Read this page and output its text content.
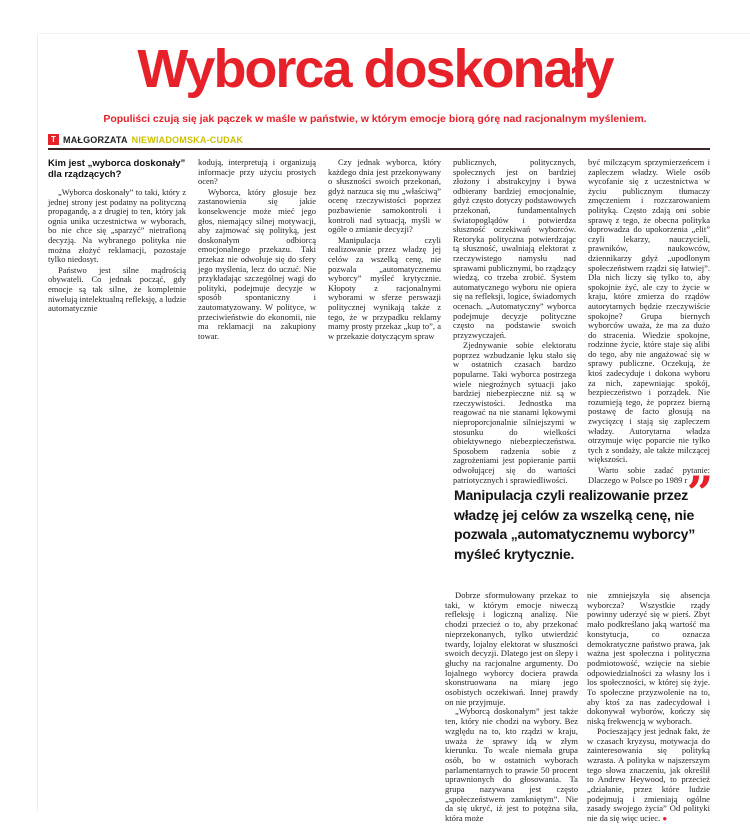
Wyborca doskonały

Populiści czują się jak pączek w maśle w państwie, w którym emocje biorą górę nad racjonalnym myśleniem.

T MAŁGORZATA NIEWIADOMSKA-CUDAK
Kim jest „wyborca doskonały” dla rządzących?

„Wyborca doskonały” to taki, który z jednej strony jest podatny na polityczną propagandę, a z drugiej to ten, który jak ognia unika uczestnictwa w wyborach, bo nie chce się „sparzyć” nietrafioną decyzją. Na wybranego polityka nie można złożyć reklamacji, pozostaje tylko niedosyt.

Państwo jest silne mądrością obywateli. Co jednak począć, gdy emocje są tak silne, że kompletnie niwelują intelektualną refleksję, a ludzie automatycznie

kodują, interpretują i organizują informacje przy użyciu prostych ocen?

Wyborca, który głosuje bez zastanowienia się jakie konsekwencje może mieć jego głos, niemający silnej motywacji, aby zajmować się polityką, jest doskonałym odbiorcą emocjonalnego przekazu. Taki przekaz nie odwołuje się do sfery jego myślenia, lecz do uczuć. Nie przykładając szczególnej wagi do polityki, podejmuje decyzje w sposób spontaniczny i zautomatyzowany. W polityce, w przeciwieństwie do ekonomii, nie ma reklamacji na zakupiony towar.

Czy jednak wyborca, który każdego dnia jest przekonywany o słuszności swoich przekonań, gdyż narzuca się mu „właściwą” ocenę rzeczywistości poprzez pozbawienie samokontroli i kontroli nad sytuacją, myśli w ogóle o zmianie decyzji?

Manipulacja czyli realizowanie przez władzę jej celów za wszelką cenę, nie pozwala „automatycznemu wyborcy” myśleć krytycznie. Kłopoty z racjonalnymi wyborami w sferze perswazji politycznej wynikają także z tego, że w przypadku reklamy mamy prosty przekaz „kup to”, a w przekazie dotyczącym spraw

publicznych, politycznych, społecznych jest on bardziej złożony i abstrakcyjny i bywa odbierany bardziej emocjonalnie, gdyż często dotyczy podstawowych przekonań, fundamentalnych światopoglądów i potwierdza słuszność oczekiwań wyborców. Retoryka polityczna potwierdzając tą słuszność, uwalniają elektorat z rzeczywistego namysłu nad sprawami publicznymi, bo rządzący wiedzą, co trzeba zrobić. System automatycznego wyboru nie opiera się na refleksji, logice, świadomych ocenach. „Automatyczny” wyborca podejmuje decyzje polityczne często na podstawie swoich przyzwyczajeń.

Zjednywanie sobie elektoratu poprzez wzbudzanie lęku stało się w ostatnich czasach bardzo popularne. Taki wyborca postrzega wiele niegroźnych sytuacji jako bardziej niebezpieczne niż są w rzeczywistości. Jednostka ma reagować na nie stanami lękowymi nieproporcjonalnie silniejszymi w stosunku do wielkości obiektywnego niebezpieczeństwa. Sposobem radzenia sobie z zagrożeniami jest popieranie partii odwołującej się do wartości patriotycznych i sprawiedliwości.

być milczącym sprzymierzeńcem i zapleczem władzy. Wiele osób wycofanie się z uczestnictwa w życiu publicznym tłumaczy zmęczeniem i rozczarowaniem polityką. Często zdają oni sobie sprawę z tego, że obecna polityka doprowadza do upokorzenia „elit” czyli lekarzy, nauczycieli, prawników, naukowców, dziennikarzy gdyż „upodlonym społeczeństwem rządzi się łatwiej”. Dla nich liczy się tylko to, aby spokojnie żyć, ale czy to życie w kraju, które zmierza do rządów autorytarnych będzie rzeczywiście spokojne? Grupa biernych wyborców uważa, że ma za dużo do stracenia. Wiedzie spokojne, rodzinne życie, które staje się alibi do tego, aby nie angażować się w sprawy publiczne. Oczekują, że ktoś zadecyduje i dokona wyboru za nich, zapewniając spokój, bezpieczeństwo i porządek. Nie rozumieją tego, że poprzez bierną postawę de facto głosują na zwycięzcę i stają się zapleczem władzy. Autorytarna władza otrzymuje więc poparcie nie tylko tych z sondaży, ale także milczącej większości.

Warto sobie zadać pytanie: Dlaczego w Polsce po 1989 r ”

Manipulacja czyli realizowanie przez władzę jej celów za wszelką cenę, nie pozwala „automatycznemu wyborcy” myśleć krytycznie.

Dobrze sformułowany przekaz to taki, w którym emocje niweczą refleksję i logiczną analizę. Nie chodzi przecież o to, aby przekonać nieprzekonanych, tylko utwierdzić twardy, lojalny elektorat w słuszności swoich decyzji. Dlatego jest on ślepy i głuchy na racjonalne argumenty. Do lojalnego wyborcy dociera prawda skonstruowana na miarę jego osobistych oczekiwań. Innej prawdy on nie przyjmuje.

„Wyborcą doskonałym” jest także ten, który nie chodzi na wybory. Bez względu na to, kto rządzi w kraju, uważa że sprawy idą w złym kierunku. To wcale niemała grupa osób, bo w ostatnich wyborach parlamentarnych to prawie 50 procent uprawnionych do głosowania. Ta grupa nazywana jest często „społeczeństwem zamkniętym”. Nie da się ukryć, iż jest to potężna siła, która może

nie zmniejszyła się absencja wyborcza? Wszystkie rządy powinny uderzyć się w pierś. Zbyt mało podkreślano jaką wartość ma konstytucja, co oznacza demokratyczne państwo prawa, jak ważna jest społeczna i polityczna podmiotowość, wzięcie na siebie odpowiedzialności za własny los i los społeczności, w której się żyje. To społeczne przyzwolenie na to, aby ktoś za nas zadecydował i dokonywał wyborów, kończy się niską frekwencją w wyborach.

Pocieszający jest jednak fakt, że w czasach kryzysu, motywacja do zainteresowania się polityką wzrasta. A polityka w najszerszym tego słowa znaczeniu, jak określił to Andrew Heywood, to przecież „działanie, przez które ludzie podejmują i zmieniają ogólne zasady swojego życia” Od polityki nie da się więc uciec. ●
